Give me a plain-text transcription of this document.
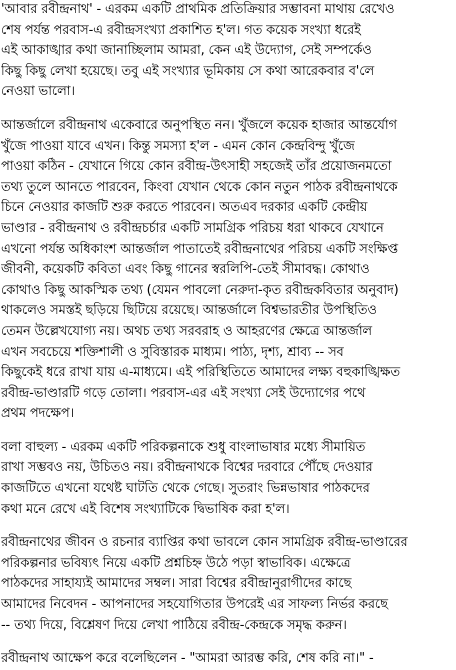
'আবার রবীন্দ্রনাথ' - এরকম একটি প্রাথমিক প্রতিক্রিয়ার সম্ভাবনা মাথায় রেখেও
শেষ পর্যন্ত পরবাস-এ রবীন্দ্রসংখ্যা প্রকাশিত হ'ল। গত কয়েক সংখ্যা ধরেই
এই আকাঙ্খার কথা জানাচ্ছিলাম আমরা, কেন এই উদ্যোগ, সেই সম্পর্কেও
কিছু কিছু লেখা হয়েছে। তবু এই সংখ্যার ভূমিকায় সে কথা আরেকবার ব'লে
নেওয়া ভালো।
আন্তর্জালে রবীন্দ্রনাথ একেবারে অনুপস্থিত নন। খুঁজলে কয়েক হাজার আন্তর্যোগ
খুঁজে পাওয়া যাবে এখন। কিন্তু সমস্যা হ'ল - এমন কোন কেন্দ্রবিন্দু খুঁজে
পাওয়া কঠিন - যেখানে গিয়ে কোন রবীন্দ্র-উৎসাহী সহজেই তাঁর প্রয়োজনমতো
তথ্য তুলে আনতে পারবেন, কিংবা যেখান থেকে কোন নতুন পাঠক রবীন্দ্রনাথকে
চিনে নেওয়ার কাজটি শুরু করতে পারবেন। অতএব দরকার একটি কেন্দ্রীয়
ভাণ্ডার - রবীন্দ্রনাথ ও রবীন্দ্রচর্চার একটি সামগ্রিক পরিচয় ধরা থাকবে যেখানে
এখনো পর্যন্ত অধিকাংশ আন্তর্জাল পাতাতেই রবীন্দ্রনাথের পরিচয় একটি সংক্ষিপ্ত
জীবনী, কয়েকটি কবিতা এবং কিছু গানের স্বরলিপি-তেই সীমাবদ্ধ। কোথাও
কোথাও কিছু আকস্মিক তথ্য (যেমন পাবলো নেরুদা-কৃত রবীন্দ্রকবিতার অনুবাদ)
থাকলেও সমস্তই ছড়িয়ে ছিটিয়ে রয়েছে। আন্তর্জালে বিশ্বভারতীর উপস্থিতিও
তেমন উল্লেখযোগ্য নয়। অথচ তথ্য সরবরাহ ও আহরণের ক্ষেত্রে আন্তর্জাল
এখন সবচেয়ে শক্তিশালী ও সুবিস্তারক মাধ্যম। পাঠ্য, দৃশ্য, শ্রাব্য -- সব
কিছুকেই ধরে রাখা যায় এ-মাধ্যমে। এই পরিস্থিতিতে আমাদের লক্ষ্য বহুকাঙ্খিক্ষত
রবীন্দ্র-ভাণ্ডারটি গড়ে তোলা। পরবাস-এর এই সংখ্যা সেই উদ্যোগের পথে
প্রথম পদক্ষেপ।
বলা বাহুল্য - এরকম একটি পরিকল্পনাকে শুধু বাংলাভাষার মধ্যে সীমায়িত
রাখা সম্ভবও নয়, উচিতও নয়। রবীন্দ্রনাথকে বিশ্বের দরবারে পৌঁছে দেওয়ার
কাজটিতে এখনো যথেষ্ট ঘাটতি থেকে গেছে। সুতরাং ভিন্নভাষার পাঠকদের
কথা মনে রেখে এই বিশেষ সংখ্যাটিকে দ্বিভাষিক করা হ'ল।
রবীন্দ্রনাথের জীবন ও রচনার ব্যাপ্তির কথা ভাবলে কোন সামগ্রিক রবীন্দ্র-ভাণ্ডারের
পরিকল্পনার ভবিষ্যৎ নিয়ে একটি প্রশ্নচিহ্ন উঠে পড়া স্বাভাবিক। এক্ষেত্রে
পাঠকদের সাহায্যই আমাদের সম্বল। সারা বিশ্বের রবীন্দ্রানুরাগীদের কাছে
আমাদের নিবেদন - আপনাদের সহযোগিতার উপরেই এর সাফল্য নির্ভর করছে
-- তথ্য দিয়ে, বিশ্লেষণ দিয়ে লেখা পাঠিয়ে রবীন্দ্র-কেন্দ্রকে সমৃদ্ধ করুন।
রবীন্দ্রনাথ আক্ষেপ করে বলেছিলেন - "আমরা আরম্ভ করি, শেষ করি না।" -
